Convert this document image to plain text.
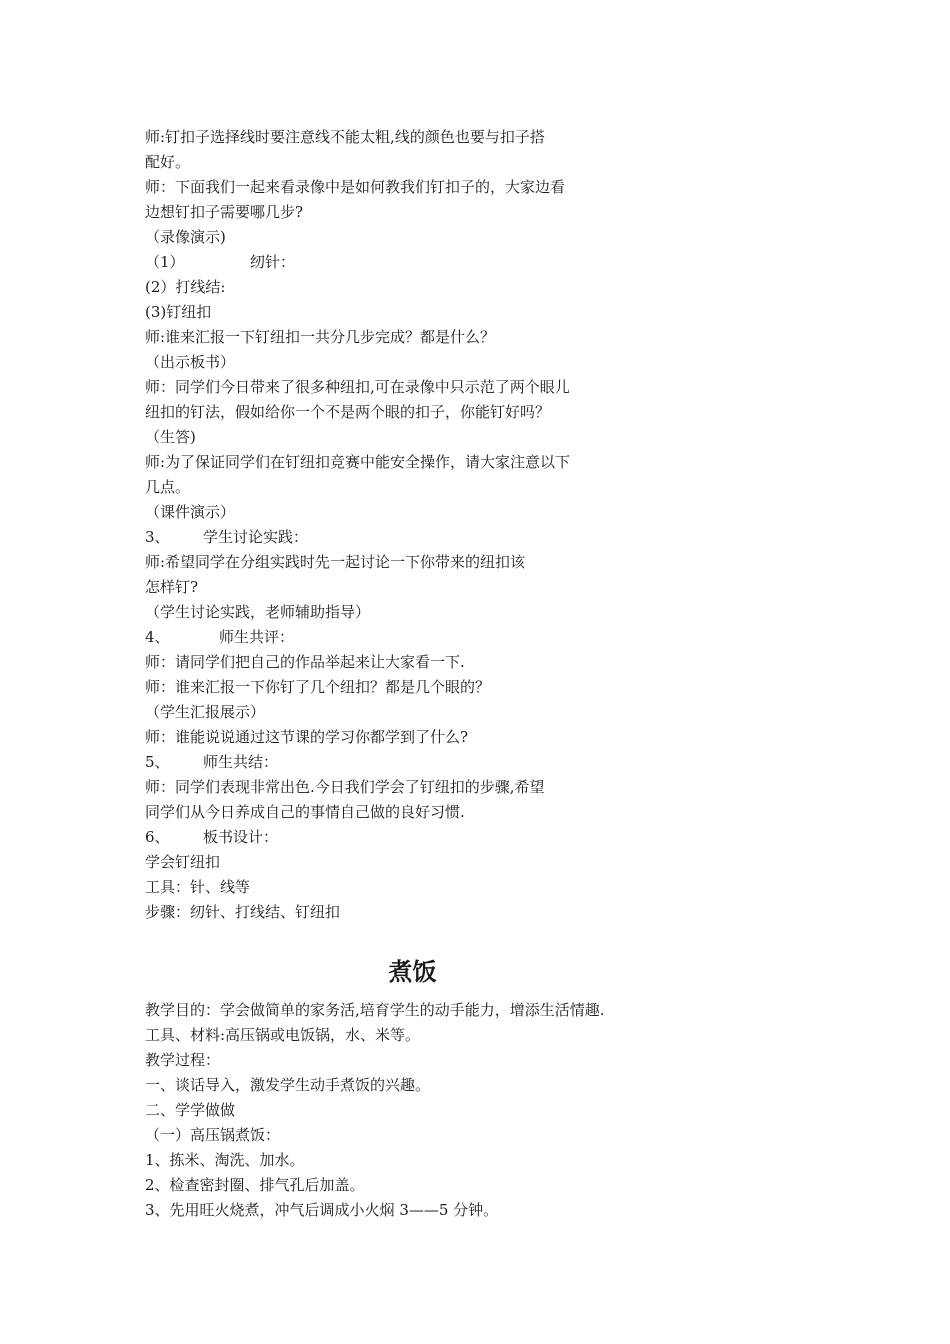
师:钉扣子选择线时要注意线不能太粗,线的颜色也要与扣子搭
配好。
师：下面我们一起来看录像中是如何教我们钉扣子的，大家边看
边想钉扣子需要哪几步?
（录像演示)
（1）	纫针：
(2）打线结:
(3)钉纽扣
师:谁来汇报一下钉纽扣一共分几步完成？都是什么？
（出示板书）
师：同学们今日带来了很多种纽扣,可在录像中只示范了两个眼儿
纽扣的钉法，假如给你一个不是两个眼的扣子，你能钉好吗？
（生答)
师:为了保证同学们在钉纽扣竞赛中能安全操作，请大家注意以下
几点。
（课件演示）
3、 学生讨论实践：
师:希望同学在分组实践时先一起讨论一下你带来的纽扣该
怎样钉?
（学生讨论实践，老师辅助指导）
4、	师生共评：
师：请同学们把自己的作品举起来让大家看一下.
师：谁来汇报一下你钉了几个纽扣？都是几个眼的？
（学生汇报展示）
师：谁能说说通过这节课的学习你都学到了什么?
5、 师生共结：
师：同学们表现非常出色.今日我们学会了钉纽扣的步骤,希望
同学们从今日养成自己的事情自己做的良好习惯.
6、 板书设计：
学会钉纽扣
工具：针、线等
步骤：纫针、打线结、钉纽扣
煮饭
教学目的：学会做简单的家务活,培育学生的动手能力，增添生活情趣.
工具、材料:高压锅或电饭锅，水、米等。
教学过程：
一、谈话导入，激发学生动手煮饭的兴趣。
二、学学做做
（一）高压锅煮饭：
1、拣米、淘洗、加水。
2、检查密封圈、排气孔后加盖。
3、先用旺火烧煮，冲气后调成小火焖 3——5 分钟。
